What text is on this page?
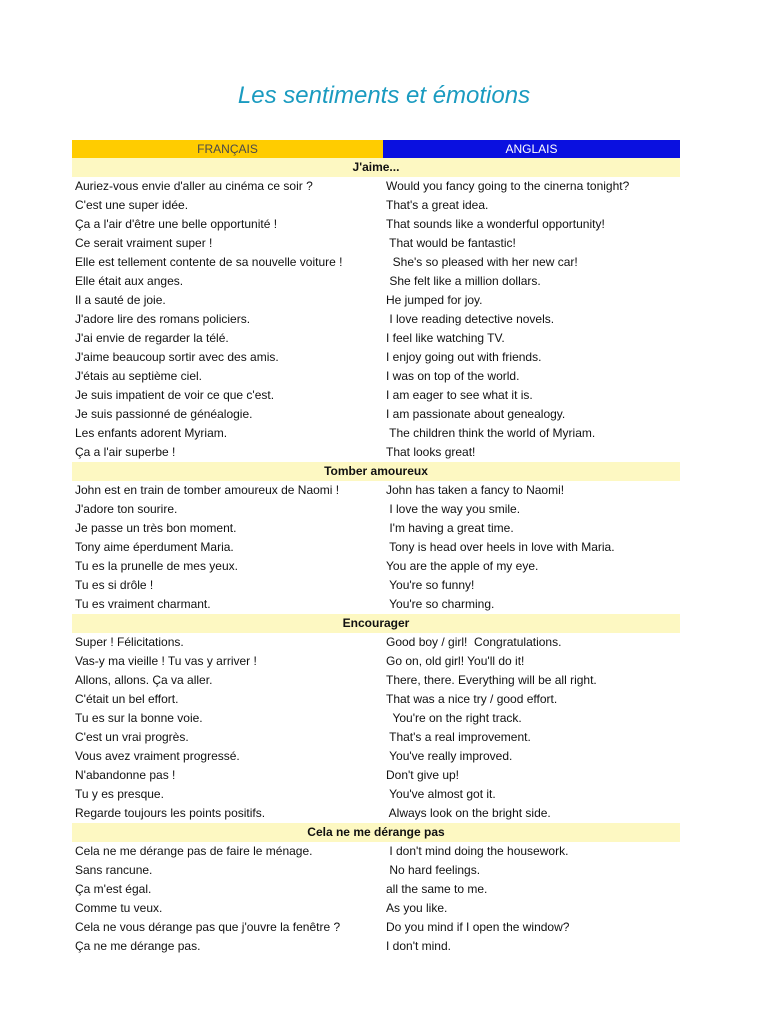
Les sentiments et émotions
FRANÇAIS	ANGLAIS
J'aime...
Auriez-vous envie d'aller au cinéma ce soir ?	Would you fancy going to the cinerna tonight?
C'est une super idée.	That's a great idea.
Ça a l'air d'être une belle opportunité !	That sounds like a wonderful opportunity!
Ce serait vraiment super !	That would be fantastic!
Elle est tellement contente de sa nouvelle voiture !	She's so pleased with her new car!
Elle était aux anges.	She felt like a million dollars.
Il a sauté de joie.	He jumped for joy.
J'adore lire des romans policiers.	I love reading detective novels.
J'ai envie de regarder la télé.	I feel like watching TV.
J'aime beaucoup sortir avec des amis.	I enjoy going out with friends.
J'étais au septième ciel.	I was on top of the world.
Je suis impatient de voir ce que c'est.	I am eager to see what it is.
Je suis passionné de généalogie.	I am passionate about genealogy.
Les enfants adorent Myriam.	The children think the world of Myriam.
Ça a l'air superbe !	That looks great!
Tomber amoureux
John est en train de tomber amoureux de Naomi !	John has taken a fancy to Naomi!
J'adore ton sourire.	I love the way you smile.
Je passe un très bon moment.	I'm having a great time.
Tony aime éperdument Maria.	Tony is head over heels in love with Maria.
Tu es la prunelle de mes yeux.	You are the apple of my eye.
Tu es si drôle !	You're so funny!
Tu es vraiment charmant.	You're so charming.
Encourager
Super ! Félicitations.	Good boy / girl!  Congratulations.
Vas-y ma vieille ! Tu vas y arriver !	Go on, old girl! You'll do it!
Allons, allons. Ça va aller.	There, there. Everything will be all right.
C'était un bel effort.	That was a nice try / good effort.
Tu es sur la bonne voie.	You're on the right track.
C'est un vrai progrès.	That's a real improvement.
Vous avez vraiment progressé.	You've really improved.
N'abandonne pas !	Don't give up!
Tu y es presque.	You've almost got it.
Regarde toujours les points positifs.	Always look on the bright side.
Cela ne me dérange pas
Cela ne me dérange pas de faire le ménage.	I don't mind doing the housework.
Sans rancune.	No hard feelings.
Ça m'est égal.	all the same to me.
Comme tu veux.	As you like.
Cela ne vous dérange pas que j'ouvre la fenêtre ?	Do you mind if I open the window?
Ça ne me dérange pas.	I don't mind.
